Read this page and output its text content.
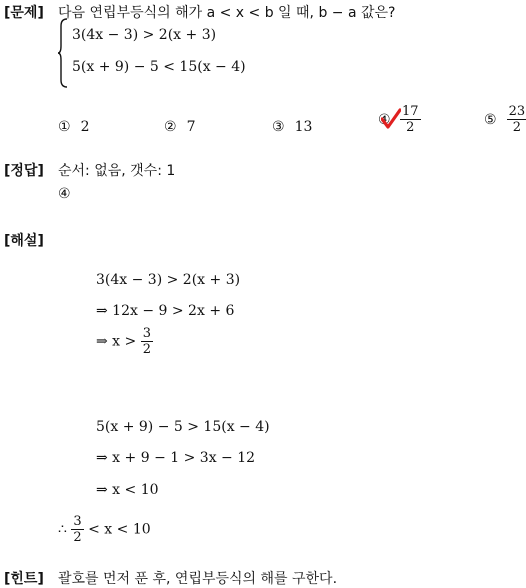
[문제] 다음 연립부등식의 해가 a < x < b 일 때, b − a 값은?
3(4x − 3) > 2(x + 3)
5(x + 9) − 5 < 15(x − 4)
① 2	② 7	③ 13	④ $\frac{17}{2}$	⑤ $\frac{23}{2}$
[정답] 순서: 없음, 갯수: 1
④
[해설]
3(4x − 3) > 2(x + 3)
⇒ 12x − 9 > 2x + 6
⇒ $x > \frac{3}{2}$
5(x + 9) − 5 > 15(x − 4)
⇒ x + 9 − 1 > 3x − 12
⇒ x < 10
∴ $\frac{3}{2} < x < 10$
[힌트] 괄호를 먼저 푼 후, 연립부등식의 해를 구한다.
